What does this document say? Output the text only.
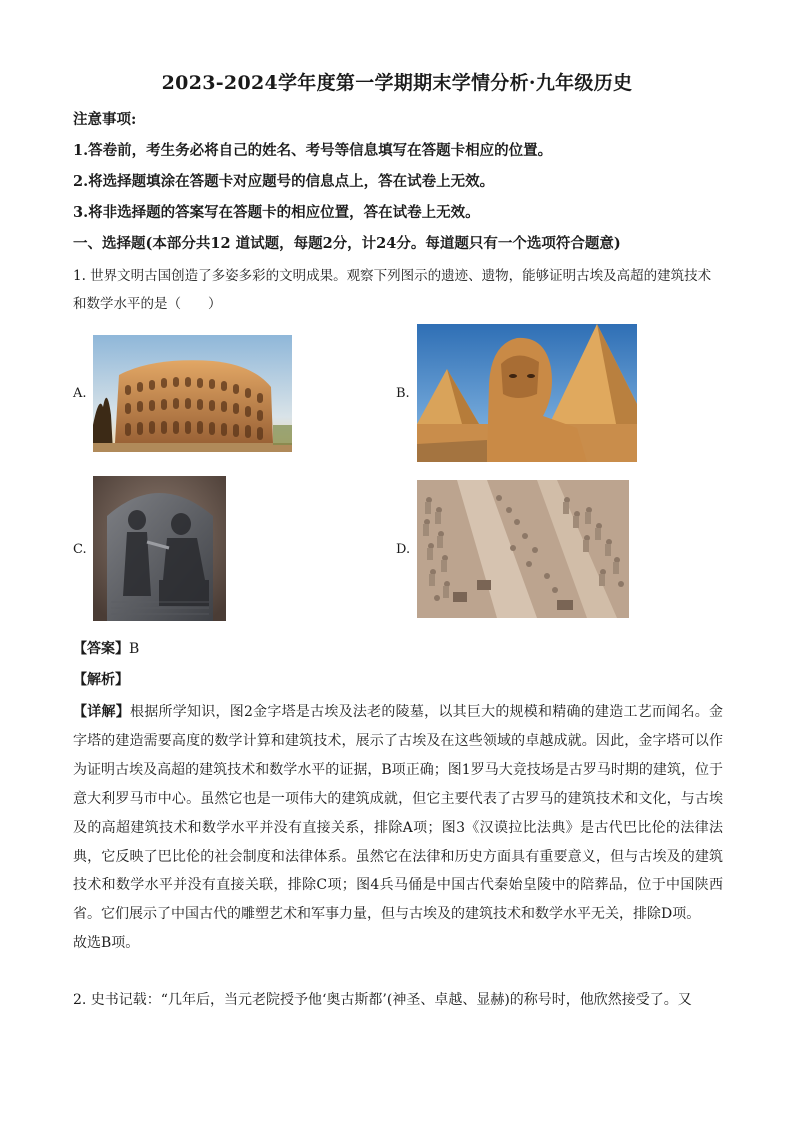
2023-2024学年度第一学期期末学情分析·九年级历史
注意事项:
1.答卷前，考生务必将自己的姓名、考号等信息填写在答题卡相应的位置。
2.将选择题填涂在答题卡对应题号的信息点上，答在试卷上无效。
3.将非选择题的答案写在答题卡的相应位置，答在试卷上无效。
一、选择题(本部分共12 道试题，每题2分，计24分。每道题只有一个选项符合题意)
1. 世界文明古国创造了多姿多彩的文明成果。观察下列图示的遗迹、遗物，能够证明古埃及高超的建筑技术和数学水平的是（　　）
A.	B.
C.	D.
【答案】B
【解析】
【详解】根据所学知识，图2金字塔是古埃及法老的陵墓，以其巨大的规模和精确的建造工艺而闻名。金字塔的建造需要高度的数学计算和建筑技术，展示了古埃及在这些领域的卓越成就。因此，金字塔可以作为证明古埃及高超的建筑技术和数学水平的证据，B项正确；图1罗马大竞技场是古罗马时期的建筑，位于意大利罗马市中心。虽然它也是一项伟大的建筑成就，但它主要代表了古罗马的建筑技术和文化，与古埃及的高超建筑技术和数学水平并没有直接关系，排除A项；图3《汉谟拉比法典》是古代巴比伦的法律法典，它反映了巴比伦的社会制度和法律体系。虽然它在法律和历史方面具有重要意义，但与古埃及的建筑技术和数学水平并没有直接关联，排除C项；图4兵马俑是中国古代秦始皇陵中的陪葬品，位于中国陕西省。它们展示了中国古代的雕塑艺术和军事力量，但与古埃及的建筑技术和数学水平无关，排除D项。
故选B项。
2. 史书记载：“几年后，当元老院授予他‘奥古斯都’(神圣、卓越、显赫)的称号时，他欣然接受了。又
